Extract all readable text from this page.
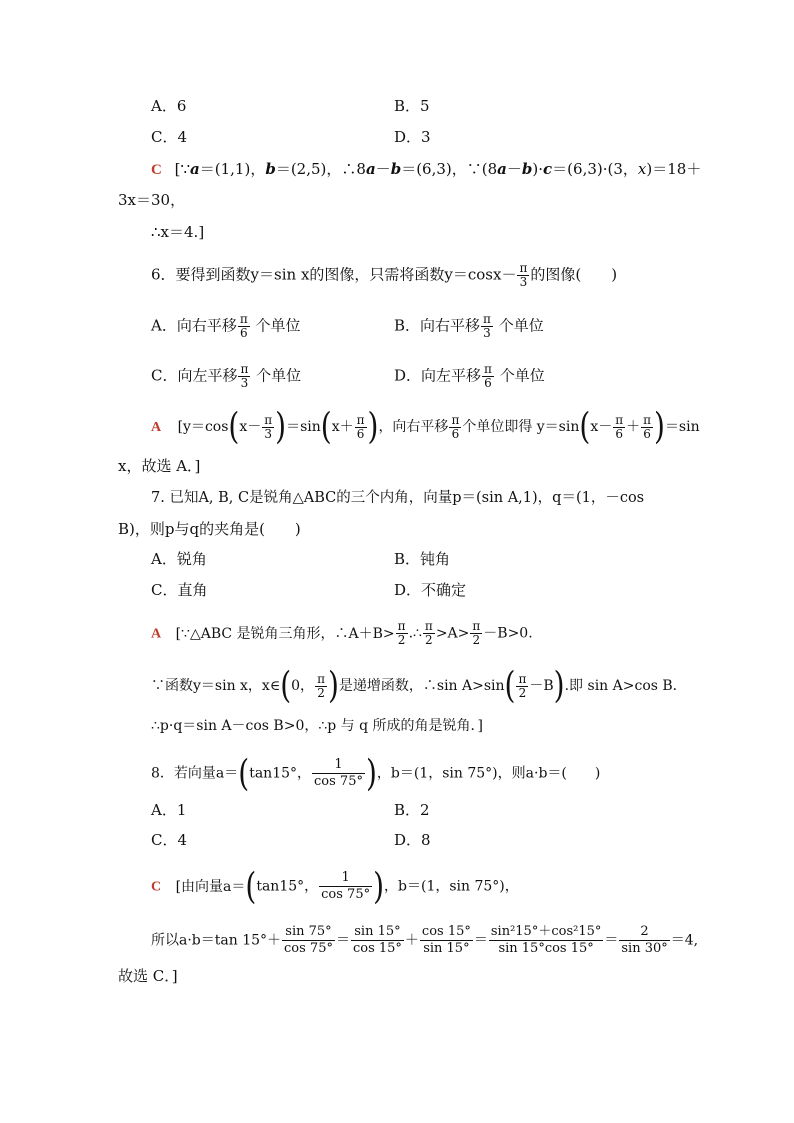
A．6	B．5
C．4	D．3
C [∵a＝(1,1)，b＝(2,5)，∴8a－b＝(6,3)，∵(8a－b)·c＝(6,3)·(3，x)＝18＋
3x＝30，
∴x＝4.]
6．要得到函数y＝sin x的图像，只需将函数$y=\cos x- \frac{\pi}{3}$ 的图像(　　)
A．向右平移 $\frac{\pi}{6}$ 个单位	B．向右平移 $\frac{\pi}{3}$ 个单位
C．向左平移 $\frac{\pi}{3}$ 个单位	D．向左平移 $\frac{\pi}{6}$ 个单位
A [$y=\cos(x- \frac{\pi}{3} )=\sin(x+ \frac{\pi}{6}$ )，向右平移 $\frac{\pi}{6}$ 个单位即得 $y=\sin(x- \frac{\pi}{6} + \frac{\pi}{6} )=\sin$
x，故选 A．]
7. 已知A, B, C是锐角△ABC的三个内角，向量p＝(sin A,1)，q＝(1，－cos
B)，则p与q的夹角是(　　)
A．锐角	B．钝角
C．直角	D．不确定
A [∵△ABC 是锐角三角形，∴A＋B> $\frac{\pi}{2}$ .∴ $\frac{\pi}{2} >A> \frac{\pi}{2} -B>0$.
∵函数y＝sin x，x∈(0， $\frac{\pi}{2}$ )是递增函数，∴sin $A>\sin( \frac{\pi}{2} -B)$.即 sin A>cos B．
∴p·q＝sin A－cos B>0，∴p 与 q 所成的角是锐角．]
8．若向量a＝(tan15°， $\frac{1}{\cos 75^\circ}$ )，b＝(1，sin 75°)，则a·b＝(　　)
A．1	B．2
C．4	D．8
C [由向量a＝(tan15°， $\frac{1}{\cos 75^\circ}$ )，b＝(1，sin 75°)，
所以a·b＝tan $15^\circ+ \frac{\sin 75^\circ}{\cos 75^\circ} = \frac{\sin 15^\circ}{\cos 15^\circ} + \frac{\cos 15^\circ}{\sin 15^\circ} = \frac{\text{sin²15°＋cos²15°}}{\sin 15^\circ\cos 15^\circ} = \frac{2}{\sin 30^\circ} =4$,
故选 C．]
